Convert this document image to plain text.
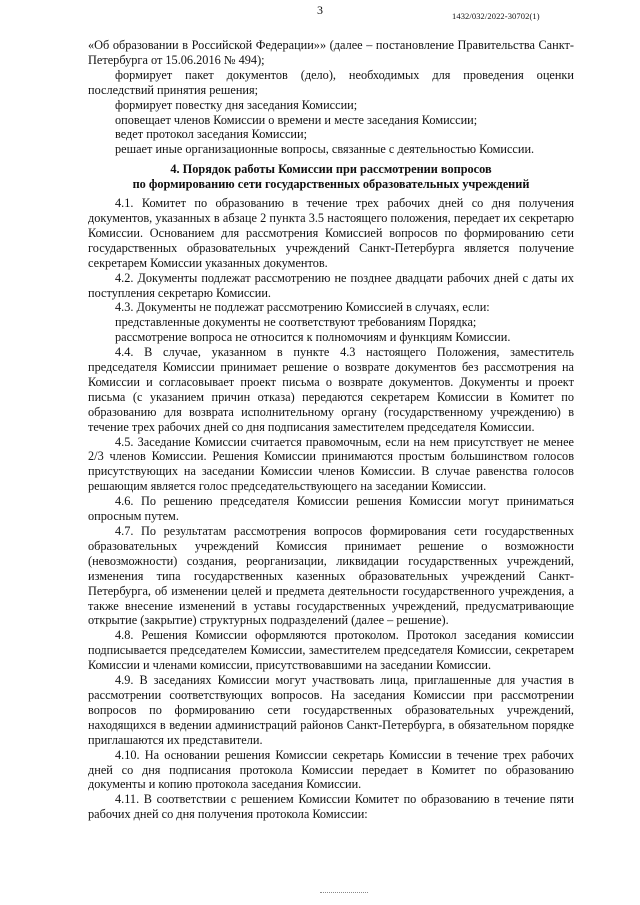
3	1432/032/2022-30702(1)

«Об образовании в Российской Федерации»» (далее – постановление Правительства Санкт-Петербурга от 15.06.2016 № 494);

формирует пакет документов (дело), необходимых для проведения оценки последствий принятия решения;

формирует повестку дня заседания Комиссии;

оповещает членов Комиссии о времени и месте заседания Комиссии;

ведет протокол заседания Комиссии;

решает иные организационные вопросы, связанные с деятельностью Комиссии.

4. Порядок работы Комиссии при рассмотрении вопросов
по формированию сети государственных образовательных учреждений

4.1. Комитет по образованию в течение трех рабочих дней со дня получения документов, указанных в абзаце 2 пункта 3.5 настоящего положения, передает их секретарю Комиссии. Основанием для рассмотрения Комиссией вопросов по формированию сети государственных образовательных учреждений Санкт-Петербурга является получение секретарем Комиссии указанных документов.

4.2. Документы подлежат рассмотрению не позднее двадцати рабочих дней с даты их поступления секретарю Комиссии.

4.3. Документы не подлежат рассмотрению Комиссией в случаях, если:

представленные документы не соответствуют требованиям Порядка;

рассмотрение вопроса не относится к полномочиям и функциям Комиссии.

4.4. В случае, указанном в пункте 4.3 настоящего Положения, заместитель председателя Комиссии принимает решение о возврате документов без рассмотрения на Комиссии и согласовывает проект письма о возврате документов. Документы и проект письма (с указанием причин отказа) передаются секретарем Комиссии в Комитет по образованию для возврата исполнительному органу (государственному учреждению) в течение трех рабочих дней со дня подписания заместителем председателя Комиссии.

4.5. Заседание Комиссии считается правомочным, если на нем присутствует не менее 2/3 членов Комиссии. Решения Комиссии принимаются простым большинством голосов присутствующих на заседании Комиссии членов Комиссии. В случае равенства голосов решающим является голос председательствующего на заседании Комиссии.

4.6. По решению председателя Комиссии решения Комиссии могут приниматься опросным путем.

4.7. По результатам рассмотрения вопросов формирования сети государственных образовательных учреждений Комиссия принимает решение о возможности (невозможности) создания, реорганизации, ликвидации государственных учреждений, изменения типа государственных казенных образовательных учреждений Санкт-Петербурга, об изменении целей и предмета деятельности государственного учреждения, а также внесение изменений в уставы государственных учреждений, предусматривающие открытие (закрытие) структурных подразделений (далее – решение).

4.8. Решения Комиссии оформляются протоколом. Протокол заседания комиссии подписывается председателем Комиссии, заместителем председателя Комиссии, секретарем Комиссии и членами комиссии, присутствовавшими на заседании Комиссии.

4.9. В заседаниях Комиссии могут участвовать лица, приглашенные для участия в рассмотрении соответствующих вопросов. На заседания Комиссии при рассмотрении вопросов по формированию сети государственных образовательных учреждений, находящихся в ведении администраций районов Санкт-Петербурга, в обязательном порядке приглашаются их представители.

4.10. На основании решения Комиссии секретарь Комиссии в течение трех рабочих дней со дня подписания протокола Комиссии передает в Комитет по образованию документы и копию протокола заседания Комиссии.

4.11. В соответствии с решением Комиссии Комитет по образованию в течение пяти рабочих дней со дня получения протокола Комиссии:
